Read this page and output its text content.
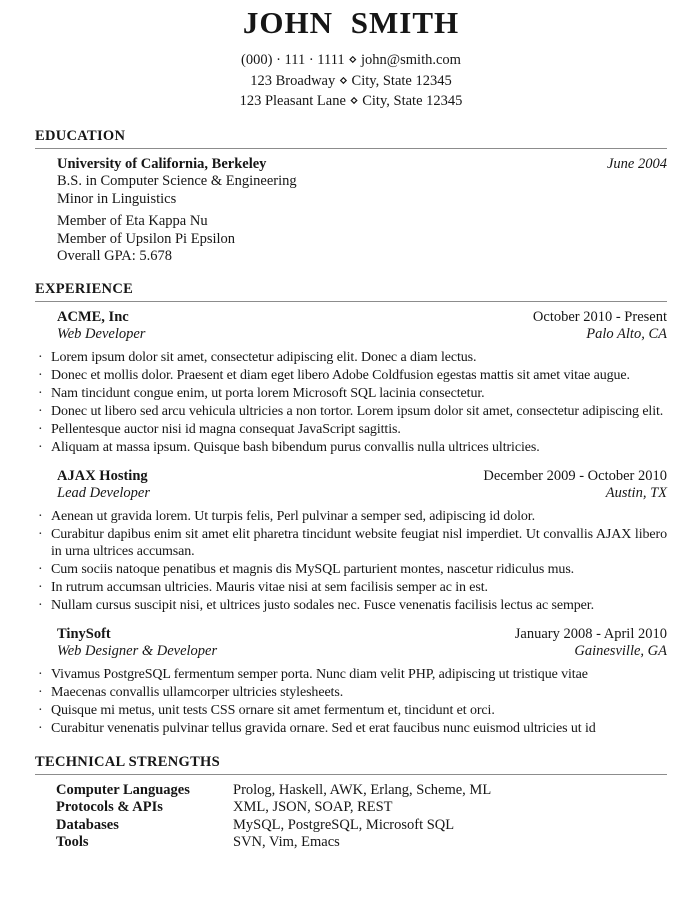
JOHN SMITH
(000) · 111 · 1111 ⋄ john@smith.com
123 Broadway ⋄ City, State 12345
123 Pleasant Lane ⋄ City, State 12345
EDUCATION
University of California, Berkeley	June 2004
B.S. in Computer Science & Engineering
Minor in Linguistics
Member of Eta Kappa Nu
Member of Upsilon Pi Epsilon
Overall GPA: 5.678
EXPERIENCE
ACME, Inc	October 2010 - Present
Web Developer	Palo Alto, CA
·
Lorem ipsum dolor sit amet, consectetur adipiscing elit. Donec a diam lectus.
·
Donec et mollis dolor. Praesent et diam eget libero Adobe Coldfusion egestas mattis sit amet vitae augue.
·
Nam tincidunt congue enim, ut porta lorem Microsoft SQL lacinia consectetur.
·
Donec ut libero sed arcu vehicula ultricies a non tortor. Lorem ipsum dolor sit amet, consectetur adipiscing elit.
·
Pellentesque auctor nisi id magna consequat JavaScript sagittis.
·
Aliquam at massa ipsum. Quisque bash bibendum purus convallis nulla ultrices ultricies.
AJAX Hosting	December 2009 - October 2010
Lead Developer	Austin, TX
·
Aenean ut gravida lorem. Ut turpis felis, Perl pulvinar a semper sed, adipiscing id dolor.
·
Curabitur dapibus enim sit amet elit pharetra tincidunt website feugiat nisl imperdiet. Ut convallis AJAX libero in urna ultrices accumsan.
·
Cum sociis natoque penatibus et magnis dis MySQL parturient montes, nascetur ridiculus mus.
·
In rutrum accumsan ultricies. Mauris vitae nisi at sem facilisis semper ac in est.
·
Nullam cursus suscipit nisi, et ultrices justo sodales nec. Fusce venenatis facilisis lectus ac semper.
TinySoft	January 2008 - April 2010
Web Designer & Developer	Gainesville, GA
·
Vivamus PostgreSQL fermentum semper porta. Nunc diam velit PHP, adipiscing ut tristique vitae
·
Maecenas convallis ullamcorper ultricies stylesheets.
·
Quisque mi metus, unit tests CSS ornare sit amet fermentum et, tincidunt et orci.
·
Curabitur venenatis pulvinar tellus gravida ornare. Sed et erat faucibus nunc euismod ultricies ut id
TECHNICAL STRENGTHS
Computer Languages	Prolog, Haskell, AWK, Erlang, Scheme, ML
Protocols & APIs	XML, JSON, SOAP, REST
Databases	MySQL, PostgreSQL, Microsoft SQL
Tools	SVN, Vim, Emacs
